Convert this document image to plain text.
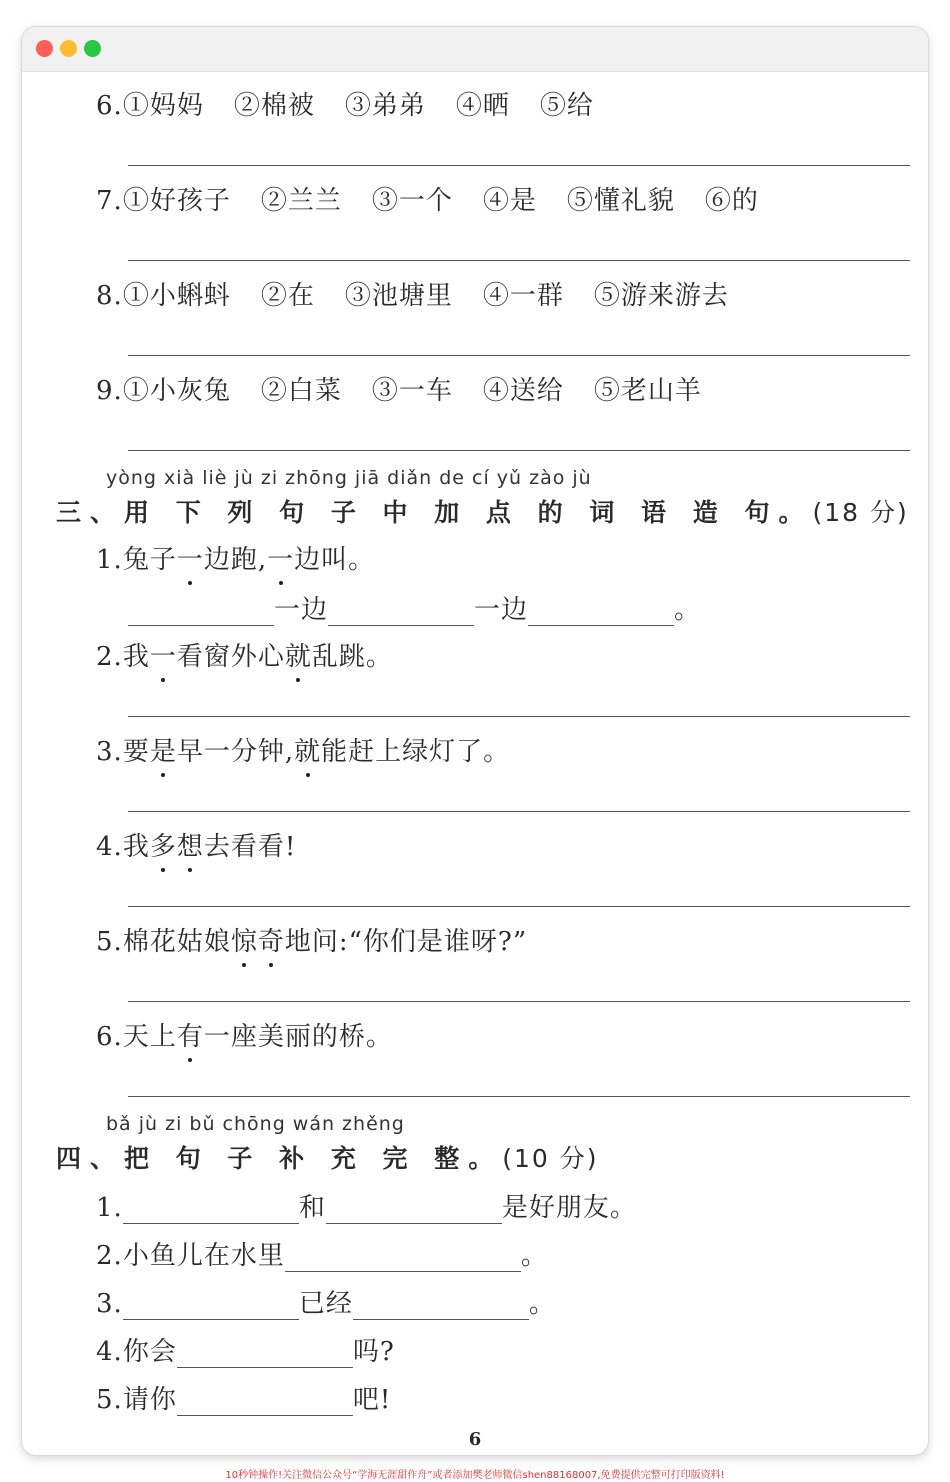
6.①妈妈 ②棉被 ③弟弟 ④晒 ⑤给
7.①好孩子 ②兰兰 ③一个 ④是 ⑤懂礼貌 ⑥的
8.①小蝌蚪 ②在 ③池塘里 ④一群 ⑤游来游去
9.①小灰兔 ②白菜 ③一车 ④送给 ⑤老山羊
yòng xià liè jù zi zhōng jiā diǎn de cí yǔ zào jù
三、用 下 列 句 子 中 加 点 的 词 语 造 句。(18 分)
1.兔子一边跑,一边叫。
一边	一边	。
2.我一看窗外心就乱跳。
3.要是早一分钟,就能赶上绿灯了。
4.我多想去看看!
5.棉花姑娘惊奇地问:“你们是谁呀?”
6.天上有一座美丽的桥。
bǎ jù zi bǔ chōng wán zhěng
四、把 句 子 补 充 完 整。(10 分)
1.	和	是好朋友。
2.小鱼儿在水里	。
3.	已经	。
4.你会	吗?
5.请你	吧!
6
10秒钟操作!关注微信公众号“学海无涯甜作舟”或者添加樊老师微信shen88168007,免费提供完整可打印版资料!
